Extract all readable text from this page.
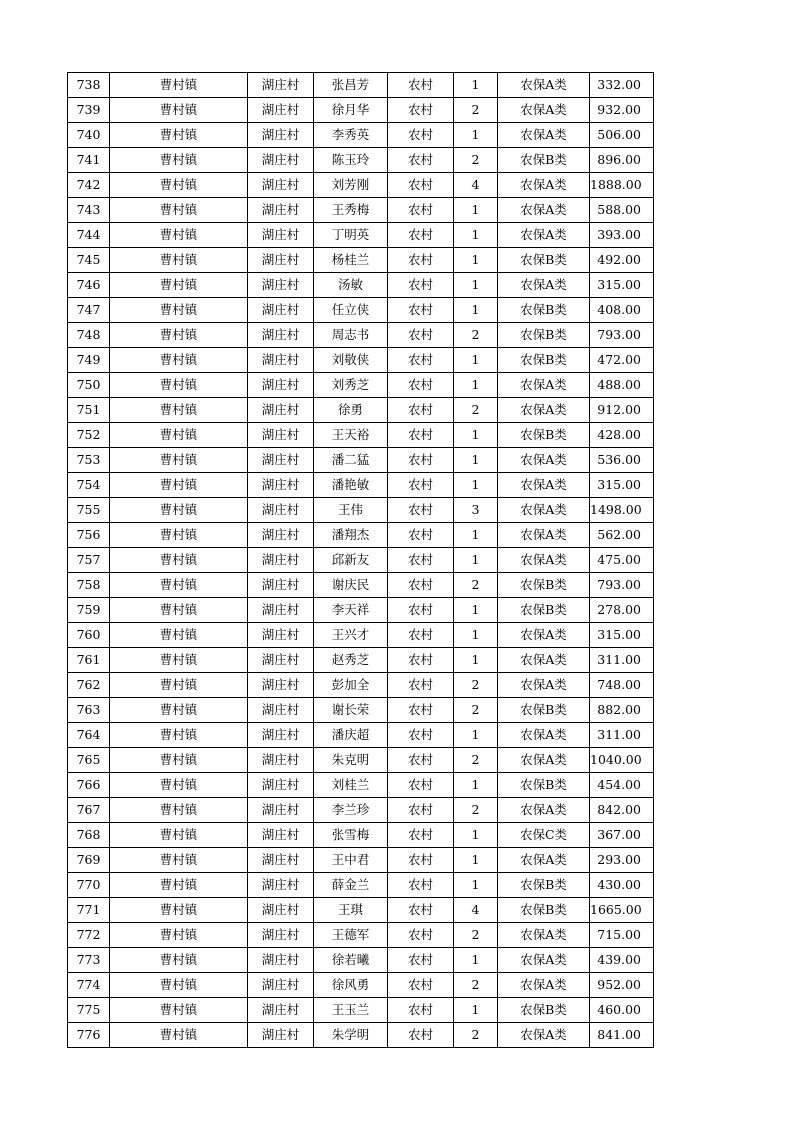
738	曹村镇	湖庄村	张昌芳	农村	1	农保A类	332.00
739	曹村镇	湖庄村	徐月华	农村	2	农保A类	932.00
740	曹村镇	湖庄村	李秀英	农村	1	农保A类	506.00
741	曹村镇	湖庄村	陈玉玲	农村	2	农保B类	896.00
742	曹村镇	湖庄村	刘芳刚	农村	4	农保A类	1888.00
743	曹村镇	湖庄村	王秀梅	农村	1	农保A类	588.00
744	曹村镇	湖庄村	丁明英	农村	1	农保A类	393.00
745	曹村镇	湖庄村	杨桂兰	农村	1	农保B类	492.00
746	曹村镇	湖庄村	汤敏	农村	1	农保A类	315.00
747	曹村镇	湖庄村	任立侠	农村	1	农保B类	408.00
748	曹村镇	湖庄村	周志书	农村	2	农保B类	793.00
749	曹村镇	湖庄村	刘敬侠	农村	1	农保B类	472.00
750	曹村镇	湖庄村	刘秀芝	农村	1	农保A类	488.00
751	曹村镇	湖庄村	徐勇	农村	2	农保A类	912.00
752	曹村镇	湖庄村	王天裕	农村	1	农保B类	428.00
753	曹村镇	湖庄村	潘二猛	农村	1	农保A类	536.00
754	曹村镇	湖庄村	潘艳敏	农村	1	农保A类	315.00
755	曹村镇	湖庄村	王伟	农村	3	农保A类	1498.00
756	曹村镇	湖庄村	潘翔杰	农村	1	农保A类	562.00
757	曹村镇	湖庄村	邱新友	农村	1	农保A类	475.00
758	曹村镇	湖庄村	谢庆民	农村	2	农保B类	793.00
759	曹村镇	湖庄村	李天祥	农村	1	农保B类	278.00
760	曹村镇	湖庄村	王兴才	农村	1	农保A类	315.00
761	曹村镇	湖庄村	赵秀芝	农村	1	农保A类	311.00
762	曹村镇	湖庄村	彭加全	农村	2	农保A类	748.00
763	曹村镇	湖庄村	谢长荣	农村	2	农保B类	882.00
764	曹村镇	湖庄村	潘庆超	农村	1	农保A类	311.00
765	曹村镇	湖庄村	朱克明	农村	2	农保A类	1040.00
766	曹村镇	湖庄村	刘桂兰	农村	1	农保B类	454.00
767	曹村镇	湖庄村	李兰珍	农村	2	农保A类	842.00
768	曹村镇	湖庄村	张雪梅	农村	1	农保C类	367.00
769	曹村镇	湖庄村	王中君	农村	1	农保A类	293.00
770	曹村镇	湖庄村	薛金兰	农村	1	农保B类	430.00
771	曹村镇	湖庄村	王琪	农村	4	农保B类	1665.00
772	曹村镇	湖庄村	王德军	农村	2	农保A类	715.00
773	曹村镇	湖庄村	徐若曦	农村	1	农保A类	439.00
774	曹村镇	湖庄村	徐风勇	农村	2	农保A类	952.00
775	曹村镇	湖庄村	王玉兰	农村	1	农保B类	460.00
776	曹村镇	湖庄村	朱学明	农村	2	农保A类	841.00
